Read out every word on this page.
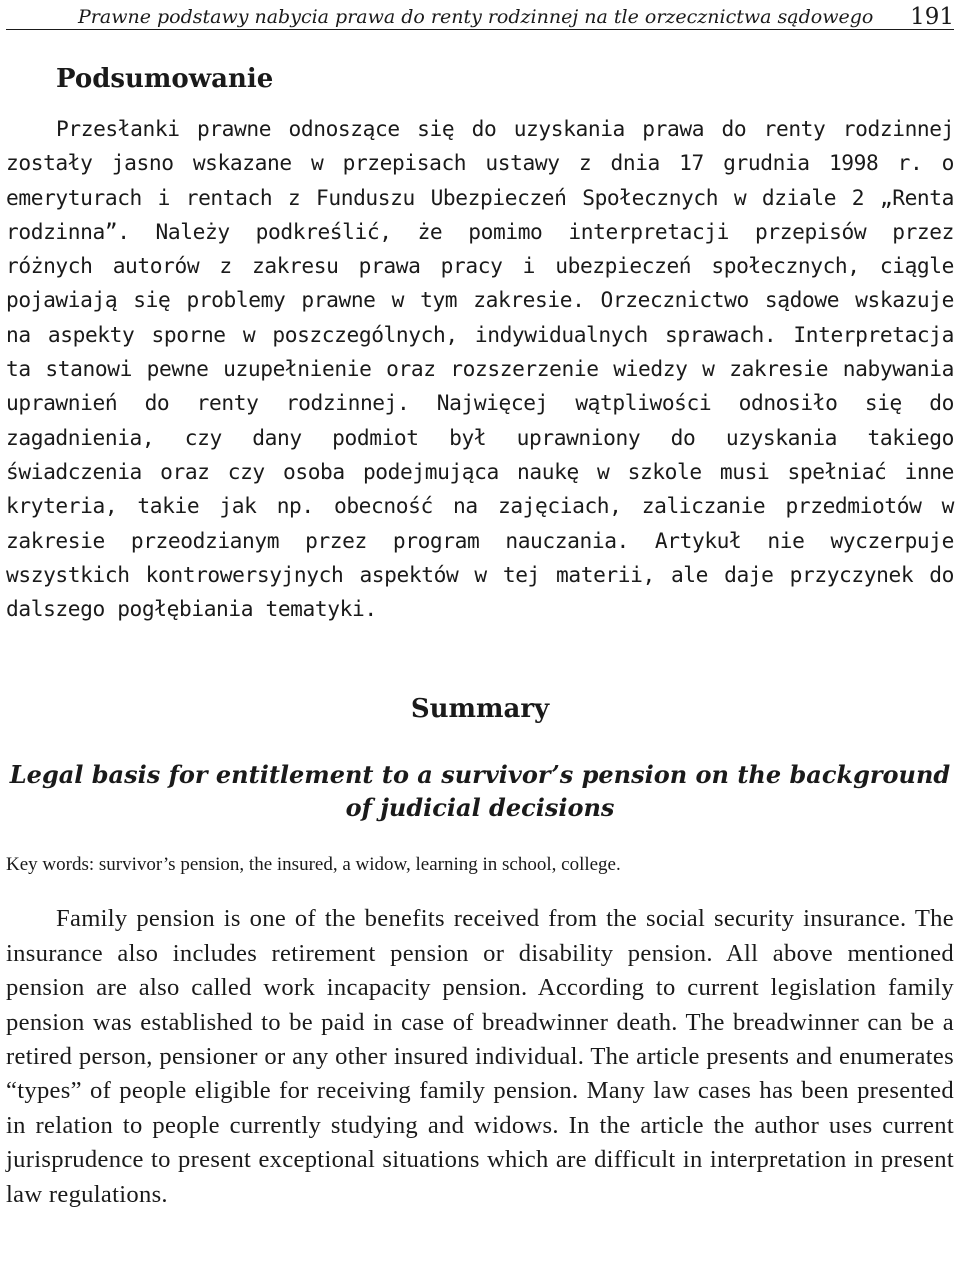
Prawne podstawy nabycia prawa do renty rodzinnej na tle orzecznictwa sądowego 191
Podsumowanie

Przesłanki prawne odnoszące się do uzyskania prawa do renty rodzinnej zostały jasno wskazane w przepisach ustawy z dnia 17 grudnia 1998 r. o emeryturach i rentach z Funduszu Ubezpieczeń Społecznych w dziale 2 „Renta rodzinna”. Należy podkreślić, że pomimo interpretacji przepisów przez różnych autorów z zakresu prawa pracy i ubezpieczeń społecznych, ciągle pojawiają się problemy prawne w tym zakresie. Orzecznictwo sądowe wskazuje na aspekty sporne w poszczególnych, indywidualnych sprawach. Interpretacja ta stanowi pewne uzupełnienie oraz rozszerzenie wiedzy w zakresie nabywania uprawnień do renty rodzinnej. Najwięcej wątpliwości odnosiło się do zagadnienia, czy dany podmiot był uprawniony do uzyskania takiego świadczenia oraz czy osoba podejmująca naukę w szkole musi spełniać inne kryteria, takie jak np. obecność na zajęciach, zaliczanie przedmiotów w zakresie przeodzianym przez program nauczania. Artykuł nie wyczerpuje wszystkich kontrowersyjnych aspektów w tej materii, ale daje przyczynek do dalszego pogłębiania tematyki.

Summary
Legal basis for entitlement to a survivor’s pension on the background
of judicial decisions
Key words: survivor’s pension, the insured, a widow, learning in school, college.

Family pension is one of the benefits received from the social security insurance. The insurance also includes retirement pension or disability pension. All above mentioned pension are also called work incapacity pension. According to current legislation family pension was established to be paid in case of breadwinner death. The breadwinner can be a retired person, pensioner or any other insured individual. The article presents and enumerates “types” of people eligible for receiving family pension. Many law cases has been presented in relation to people currently studying and widows. In the article the author uses current jurisprudence to present exceptional situations which are difficult in interpretation in present law regulations.
